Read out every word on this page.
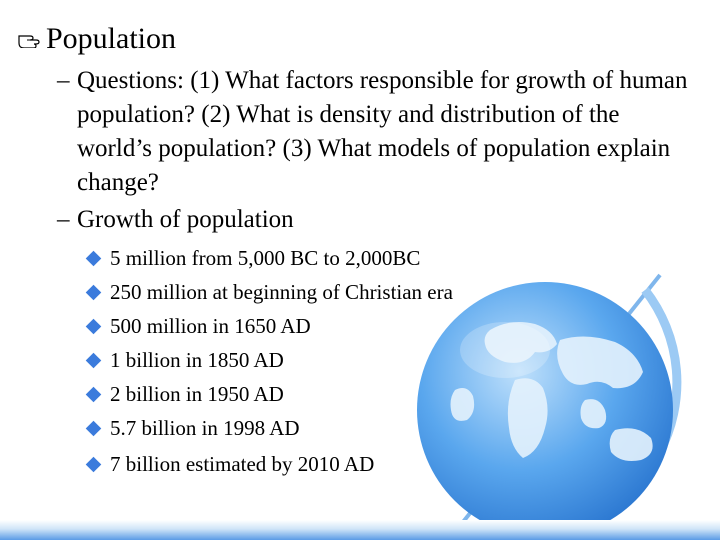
Population
– Questions: (1) What factors responsible for growth of human population? (2) What is density and distribution of the world’s population? (3) What models of population explain change?
– Growth of population
5 million from 5,000 BC to 2,000BC
250 million at beginning of Christian era
500 million in 1650 AD
1 billion in 1850 AD
2 billion in 1950 AD
5.7 billion in 1998 AD
7 billion estimated by 2010 AD
